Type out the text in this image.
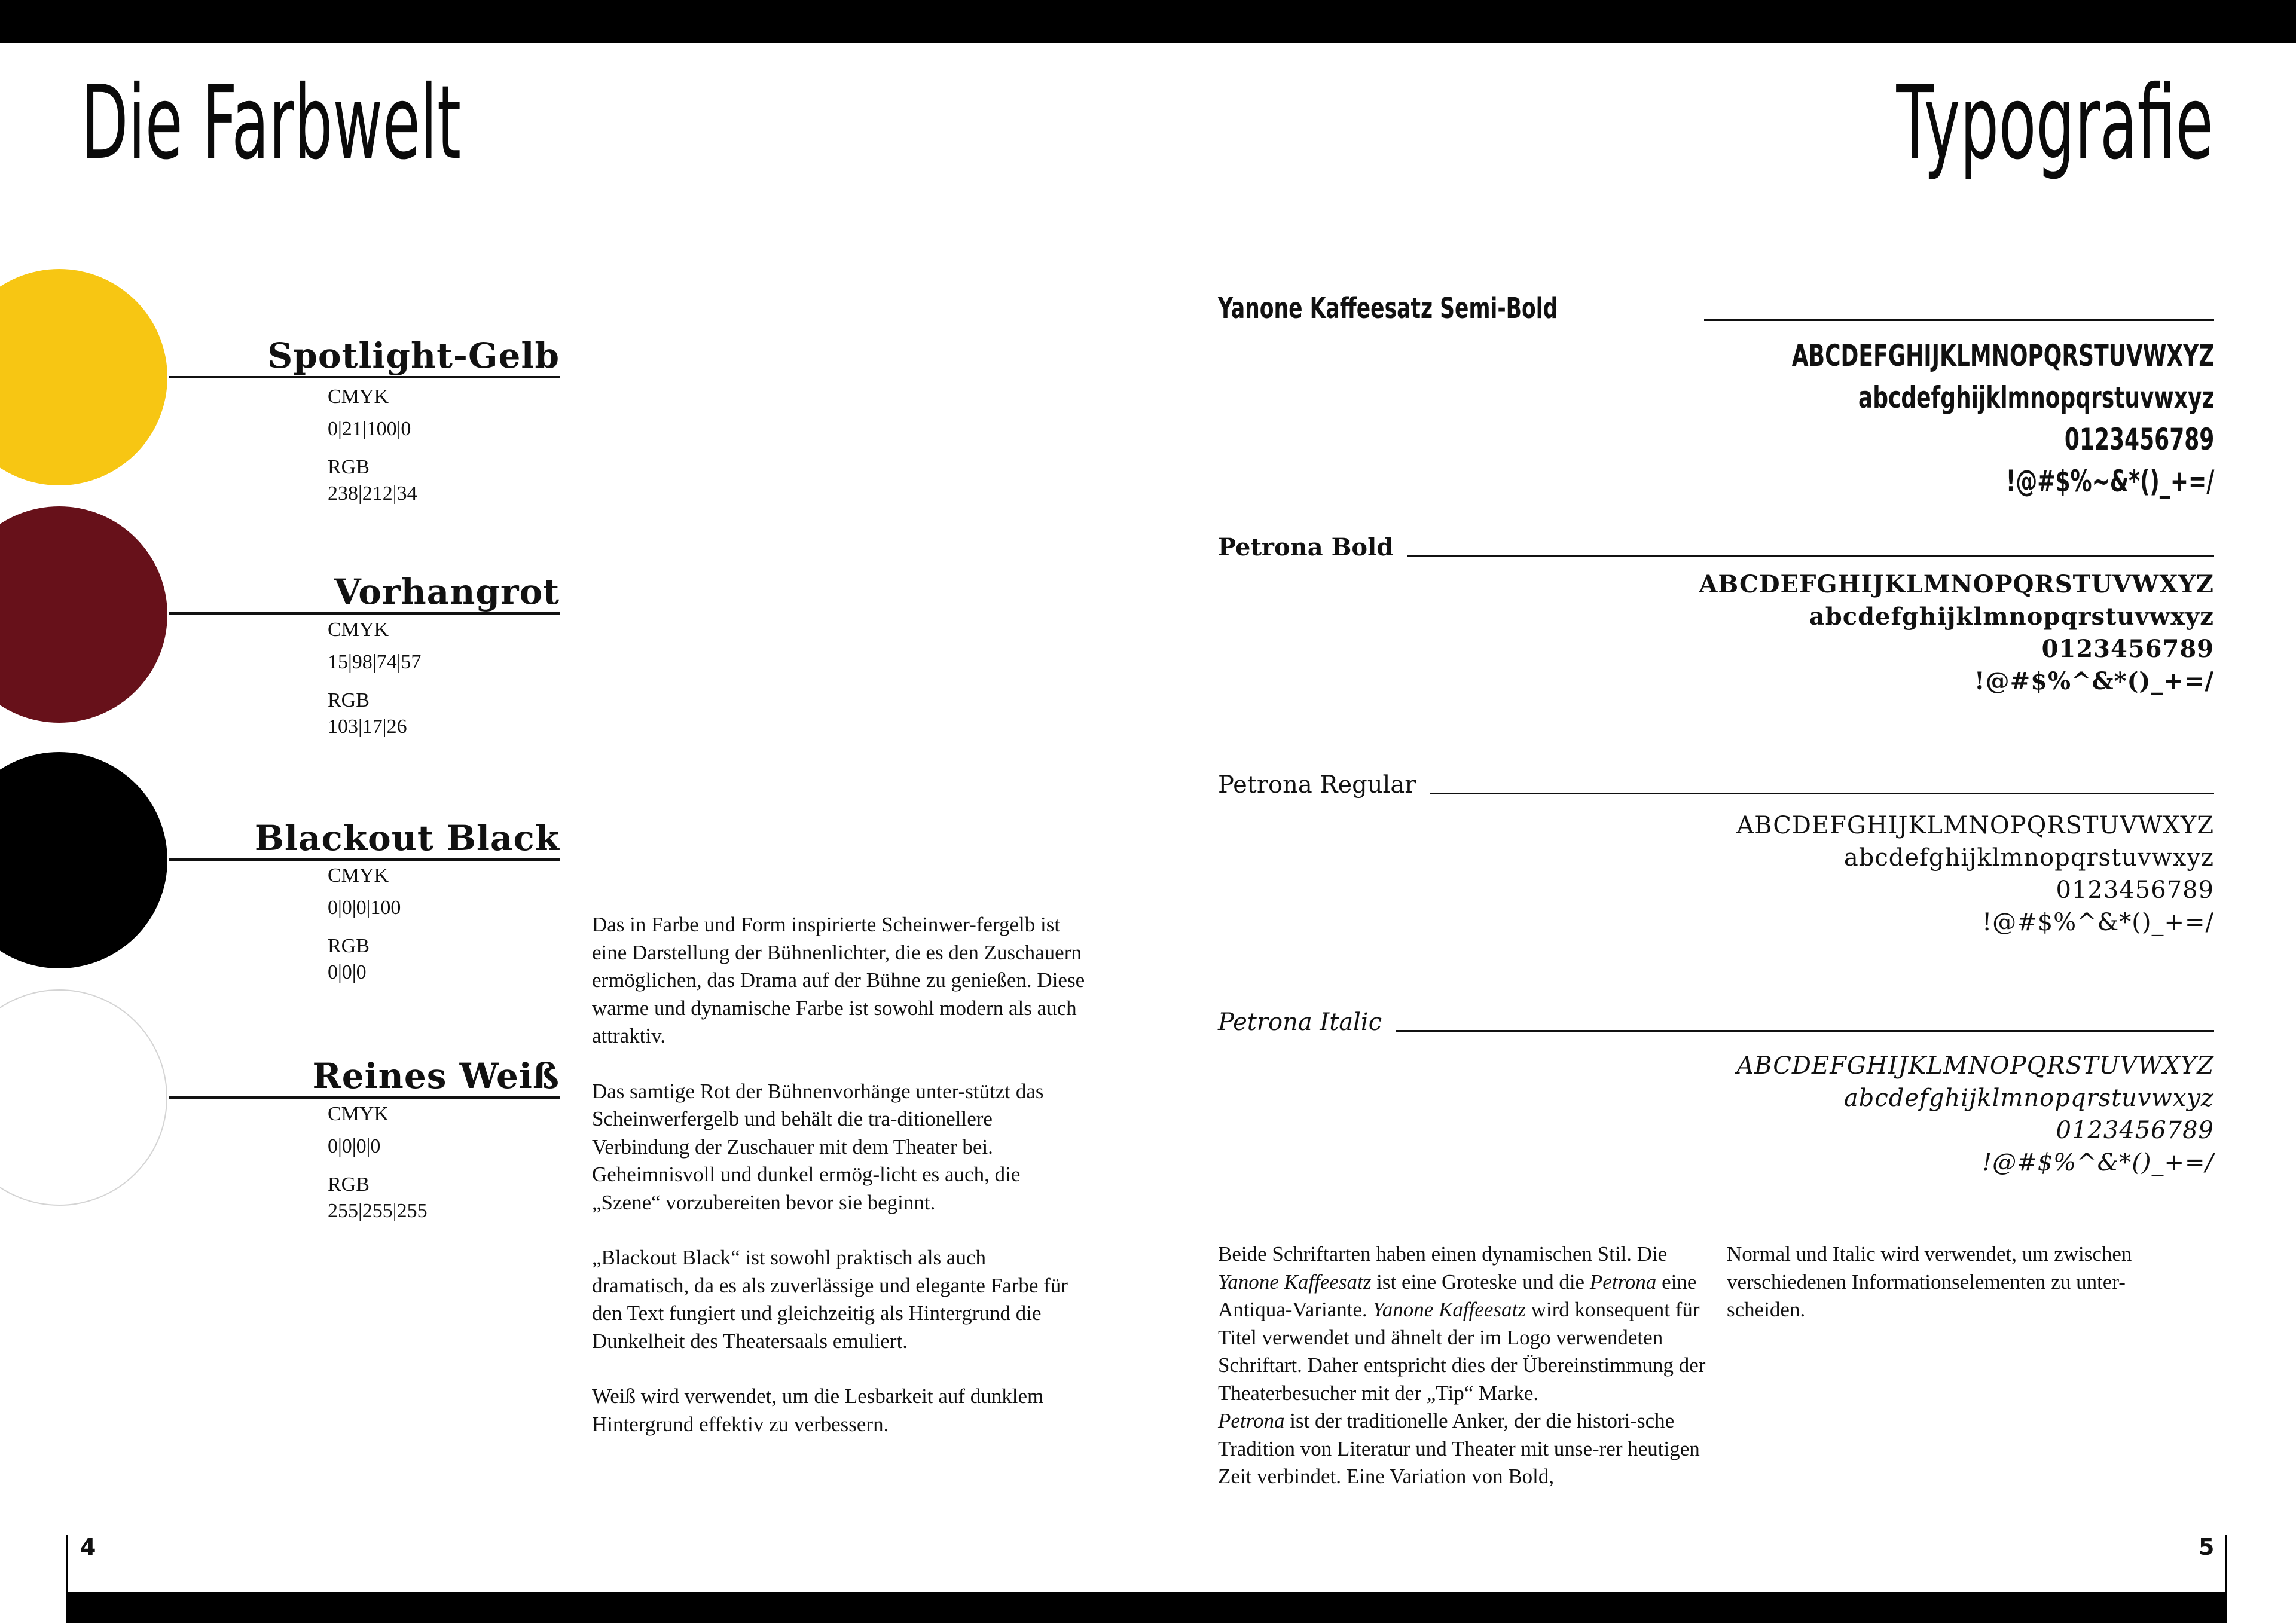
Die Farbwelt
Spotlight-Gelb
CMYK
0|21|100|0
RGB
238|212|34
Vorhangrot
CMYK
15|98|74|57
RGB
103|17|26
Blackout Black
CMYK
0|0|0|100
RGB
0|0|0
Reines Weiß
CMYK
0|0|0|0
RGB
255|255|255

Das in Farbe und Form inspirierte Scheinwer-fergelb ist eine Darstellung der Bühnenlichter, die es den Zuschauern ermöglichen, das Drama auf der Bühne zu genießen. Diese warme und dynamische Farbe ist sowohl modern als auch attraktiv.

Das samtige Rot der Bühnenvorhänge unter-stützt das Scheinwerfergelb und behält die tra-ditionellere Verbindung der Zuschauer mit dem Theater bei. Geheimnisvoll und dunkel ermög-licht es auch, die „Szene“ vorzubereiten bevor sie beginnt.

„Blackout Black“ ist sowohl praktisch als auch dramatisch, da es als zuverlässige und elegante Farbe für den Text fungiert und gleichzeitig als Hintergrund die Dunkelheit des Theatersaals emuliert.

Weiß wird verwendet, um die Lesbarkeit auf dunklem Hintergrund effektiv zu verbessern.

4
Typografie
Yanone Kaffeesatz Semi-Bold
ABCDEFGHIJKLMNOPQRSTUVWXYZ
abcdefghijklmnopqrstuvwxyz
0123456789
!@#$%~&*()_+=/
Petrona Bold
ABCDEFGHIJKLMNOPQRSTUVWXYZ
abcdefghijklmnopqrstuvwxyz
0123456789
!@#$%^&*()_+=/
Petrona Regular
ABCDEFGHIJKLMNOPQRSTUVWXYZ
abcdefghijklmnopqrstuvwxyz
0123456789
!@#$%^&*()_+=/
Petrona Italic
ABCDEFGHIJKLMNOPQRSTUVWXYZ
abcdefghijklmnopqrstuvwxyz
0123456789
!@#$%^&*()_+=/

Beide Schriftarten haben einen dynamischen Stil. Die Yanone Kaffeesatz ist eine Groteske und die Petrona eine Antiqua-Variante. Yanone Kaffeesatz wird konsequent für Titel verwendet und ähnelt der im Logo verwendeten Schriftart. Daher entspricht dies der Übereinstimmung der Theaterbesucher mit der „Tip“ Marke.

Petrona ist der traditionelle Anker, der die histori-sche Tradition von Literatur und Theater mit unse-rer heutigen Zeit verbindet. Eine Variation von Bold,

Normal und Italic wird verwendet, um zwischen verschiedenen Informationselementen zu unter-scheiden.

5
